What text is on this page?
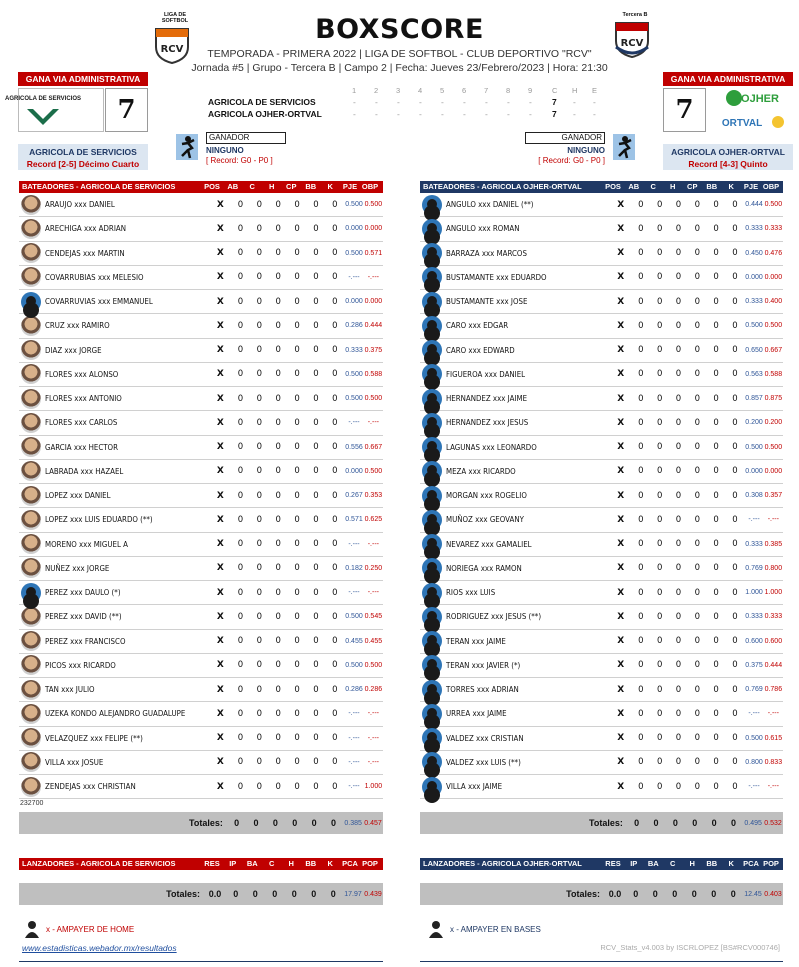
LIGA DE SOFTBOL
RCV
Tercera B
RCV
BOXSCORE
TEMPORADA - PRIMERA 2022 | LIGA DE SOFTBOL - CLUB DEPORTIVO "RCV"
Jornada #5 | Grupo - Tercera B | Campo 2 | Fecha: Jueves 23/Febrero/2023 | Hora: 21:30
GANA VIA ADMINISTRATIVA
AGRICOLA DE SERVICIOS	7
AGRICOLA DE SERVICIOS
Record [2-5] Décimo Cuarto
GANA VIA ADMINISTRATIVA
7	OJHER
ORTVAL
AGRICOLA OJHER-ORTVAL
Record [4-3] Quinto
1 2 3 4 5 6 7 8 9	C H E
AGRICOLA DE SERVICIOS	- - - - - - - - - 7 - -
AGRICOLA OJHER-ORTVAL	- - - - - - - - - 7 - -
GANADOR
NINGUNO
[ Record: G0 - P0 ]
GANADOR
NINGUNO
[ Record: G0 - P0 ]
BATEADORES - AGRICOLA DE SERVICIOS	POS AB	C	H	CP	BB	K	PJE OBP
ARAUJO xxx DANIEL	X	0	0	0	0	0	0	0.500 0.500
ARECHIGA xxx ADRIAN	X	0	0	0	0	0	0	0.000 0.000
CENDEJAS xxx MARTIN	X	0	0	0	0	0	0	0.500 0.571
COVARRUBIAS xxx MELESIO	X	0	0	0	0	0	0	-.---	-.---
COVARRUVIAS xxx EMMANUEL	X	0	0	0	0	0	0	0.000 0.000
CRUZ xxx RAMIRO	X	0	0	0	0	0	0	0.286 0.444
DIAZ xxx JORGE	X	0	0	0	0	0	0	0.333 0.375
FLORES xxx ALONSO	X	0	0	0	0	0	0	0.500 0.588
FLORES xxx ANTONIO	X	0	0	0	0	0	0	0.500 0.500
FLORES xxx CARLOS	X	0	0	0	0	0	0	-.---	-.---
GARCIA xxx HECTOR	X	0	0	0	0	0	0	0.556 0.667
LABRADA xxx HAZAEL	X	0	0	0	0	0	0	0.000 0.500
LOPEZ xxx DANIEL	X	0	0	0	0	0	0	0.267 0.353
LOPEZ xxx LUIS EDUARDO (**)	X	0	0	0	0	0	0	0.571 0.625
MORENO xxx MIGUEL A	X	0	0	0	0	0	0	-.---	-.---
NUÑEZ xxx JORGE	X	0	0	0	0	0	0	0.182 0.250
PEREZ xxx DAULO (*)	X	0	0	0	0	0	0	-.---	-.---
PEREZ xxx DAVID (**)	X	0	0	0	0	0	0	0.500 0.545
PEREZ xxx FRANCISCO	X	0	0	0	0	0	0	0.455 0.455
PICOS xxx RICARDO	X	0	0	0	0	0	0	0.500 0.500
TAN xxx JULIO	X	0	0	0	0	0	0	0.286 0.286
UZEKA KONDO ALEJANDRO GUADALUPE	X	0	0	0	0	0	0	-.---	-.---
VELAZQUEZ xxx FELIPE (**)	X	0	0	0	0	0	0	-.---	-.---
VILLA xxx JOSUE	X	0	0	0	0	0	0	-.---	-.---
ZENDEJAS xxx CHRISTIAN	X	0	0	0	0	0	0	-.--- 1.000
BATEADORES - AGRICOLA OJHER-ORTVAL	POS AB	C	H	CP	BB	K	PJE OBP
ANGULO xxx DANIEL (**)	X	0	0	0	0	0	0	0.444 0.500
ANGULO xxx ROMAN	X	0	0	0	0	0	0	0.333 0.333
BARRAZA xxx MARCOS	X	0	0	0	0	0	0	0.450 0.476
BUSTAMANTE xxx EDUARDO	X	0	0	0	0	0	0	0.000 0.000
BUSTAMANTE xxx JOSE	X	0	0	0	0	0	0	0.333 0.400
CARO xxx EDGAR	X	0	0	0	0	0	0	0.500 0.500
CARO xxx EDWARD	X	0	0	0	0	0	0	0.650 0.667
FIGUEROA xxx DANIEL	X	0	0	0	0	0	0	0.563 0.588
HERNANDEZ xxx JAIME	X	0	0	0	0	0	0	0.857 0.875
HERNANDEZ xxx JESUS	X	0	0	0	0	0	0	0.200 0.200
LAGUNAS xxx LEONARDO	X	0	0	0	0	0	0	0.500 0.500
MEZA xxx RICARDO	X	0	0	0	0	0	0	0.000 0.000
MORGAN xxx ROGELIO	X	0	0	0	0	0	0	0.308 0.357
MUÑOZ xxx GEOVANY	X	0	0	0	0	0	0	-.---	-.---
NEVAREZ xxx GAMALIEL	X	0	0	0	0	0	0	0.333 0.385
NORIEGA xxx RAMON	X	0	0	0	0	0	0	0.769 0.800
RIOS xxx LUIS	X	0	0	0	0	0	0	1.000 1.000
RODRIGUEZ xxx JESUS (**)	X	0	0	0	0	0	0	0.333 0.333
TERAN xxx JAIME	X	0	0	0	0	0	0	0.600 0.600
TERAN xxx JAVIER (*)	X	0	0	0	0	0	0	0.375 0.444
TORRES xxx ADRIAN	X	0	0	0	0	0	0	0.769 0.786
URREA xxx JAIME	X	0	0	0	0	0	0	-.---	-.---
VALDEZ xxx CRISTIAN	X	0	0	0	0	0	0	0.500 0.615
VALDEZ xxx LUIS (**)	X	0	0	0	0	0	0	0.800 0.833
VILLA xxx JAIME	X	0	0	0	0	0	0	-.---	-.---
232700
Totales:	0	0	0	0	0	0	0.385 0.457	Totales:	0	0	0	0	0	0	0.495 0.532
LANZADORES - AGRICOLA DE SERVICIOS	RES	IP	BA	C	H	BB	K	PCA POP	LANZADORES - AGRICOLA OJHER-ORTVAL	RES	IP	BA	C	H	BB	K	PCA POP
Totales: 0.0	0	0	0	0	0	0	17.97 0.439	Totales: 0.0	0	0	0	0	0	0	12.45 0.403
x - AMPAYER DE HOME	x - AMPAYER EN BASES
www.estadisticas.webador.mx/resultados	RCV_Stats_v4.003 by ISCRLOPEZ [BS#RCV000746]
